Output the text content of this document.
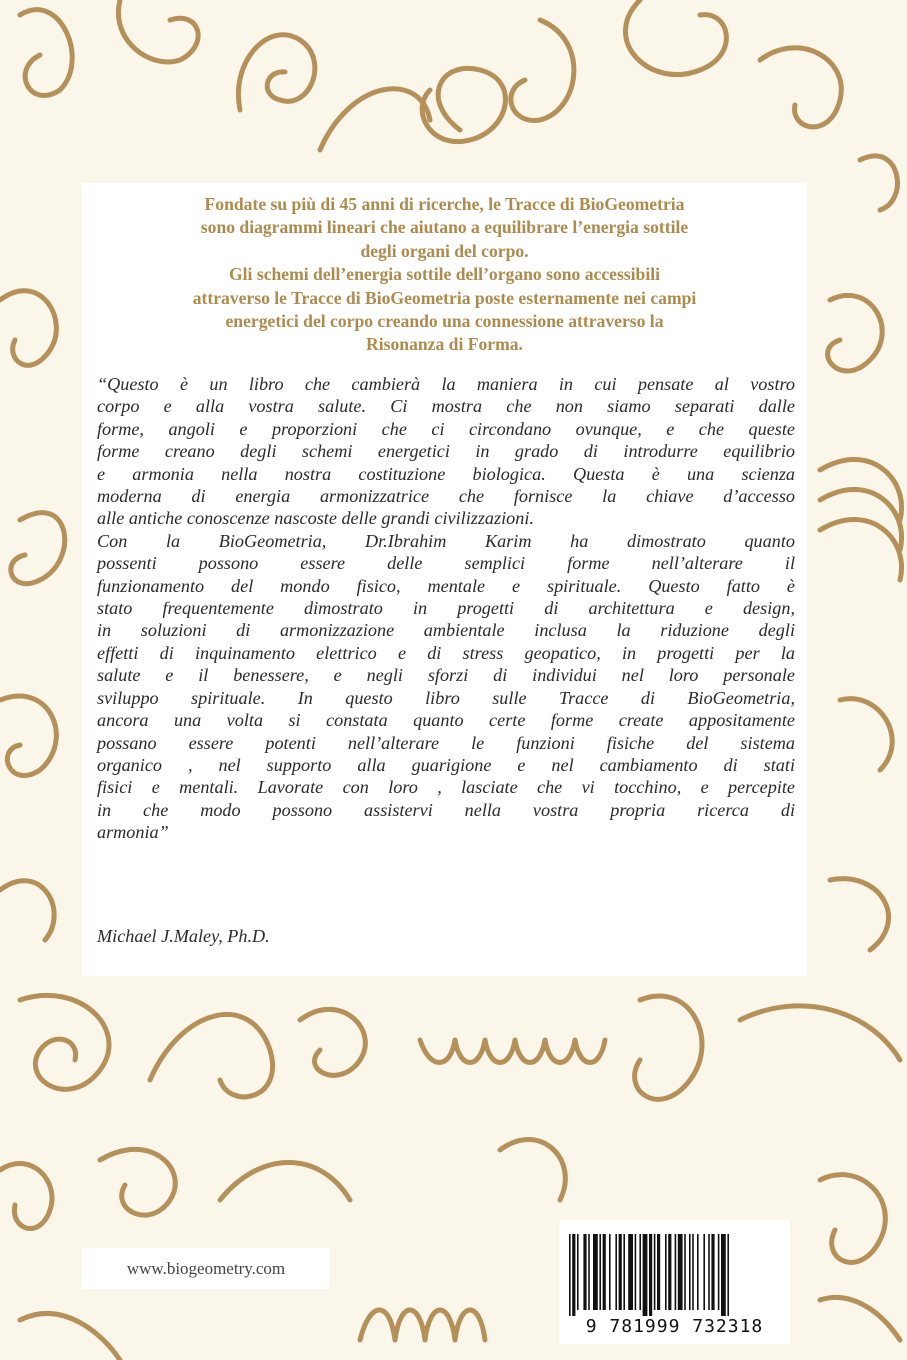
Fondate su più di 45 anni di ricerche, le Tracce di BioGeometria
sono diagrammi lineari che aiutano a equilibrare l’energia sottile
degli organi del corpo.
Gli schemi dell’energia sottile dell’organo sono accessibili
attraverso le Tracce di BioGeometria poste esternamente nei campi
energetici del corpo creando una connessione attraverso la
Risonanza di Forma.
“Questo è un libro che cambierà la maniera in cui pensate al vostro
corpo e alla vostra salute. Ci mostra che non siamo separati dalle
forme, angoli e proporzioni che ci circondano ovunque, e che queste
forme creano degli schemi energetici in grado di introdurre equilibrio
e armonia nella nostra costituzione biologica. Questa è una scienza
moderna di energia armonizzatrice che fornisce la chiave d’accesso
alle antiche conoscenze nascoste delle grandi civilizzazioni.
Con la BioGeometria, Dr.Ibrahim Karim ha dimostrato quanto
possenti possono essere delle semplici forme nell’alterare il
funzionamento del mondo fisico, mentale e spirituale. Questo fatto è
stato frequentemente dimostrato in progetti di architettura e design,
in soluzioni di armonizzazione ambientale inclusa la riduzione degli
effetti di inquinamento elettrico e di stress geopatico, in progetti per la
salute e il benessere, e negli sforzi di individui nel loro personale
sviluppo spirituale. In questo libro sulle Tracce di BioGeometria,
ancora una volta si constata quanto certe forme create appositamente
possano essere potenti nell’alterare le funzioni fisiche del sistema
organico , nel supporto alla guarigione e nel cambiamento di stati
fisici e mentali. Lavorate con loro , lasciate che vi tocchino, e percepite
in che modo possono assistervi nella vostra propria ricerca di
armonia”
Michael J.Maley, Ph.D.
www.biogeometry.com
9 781999 732318
